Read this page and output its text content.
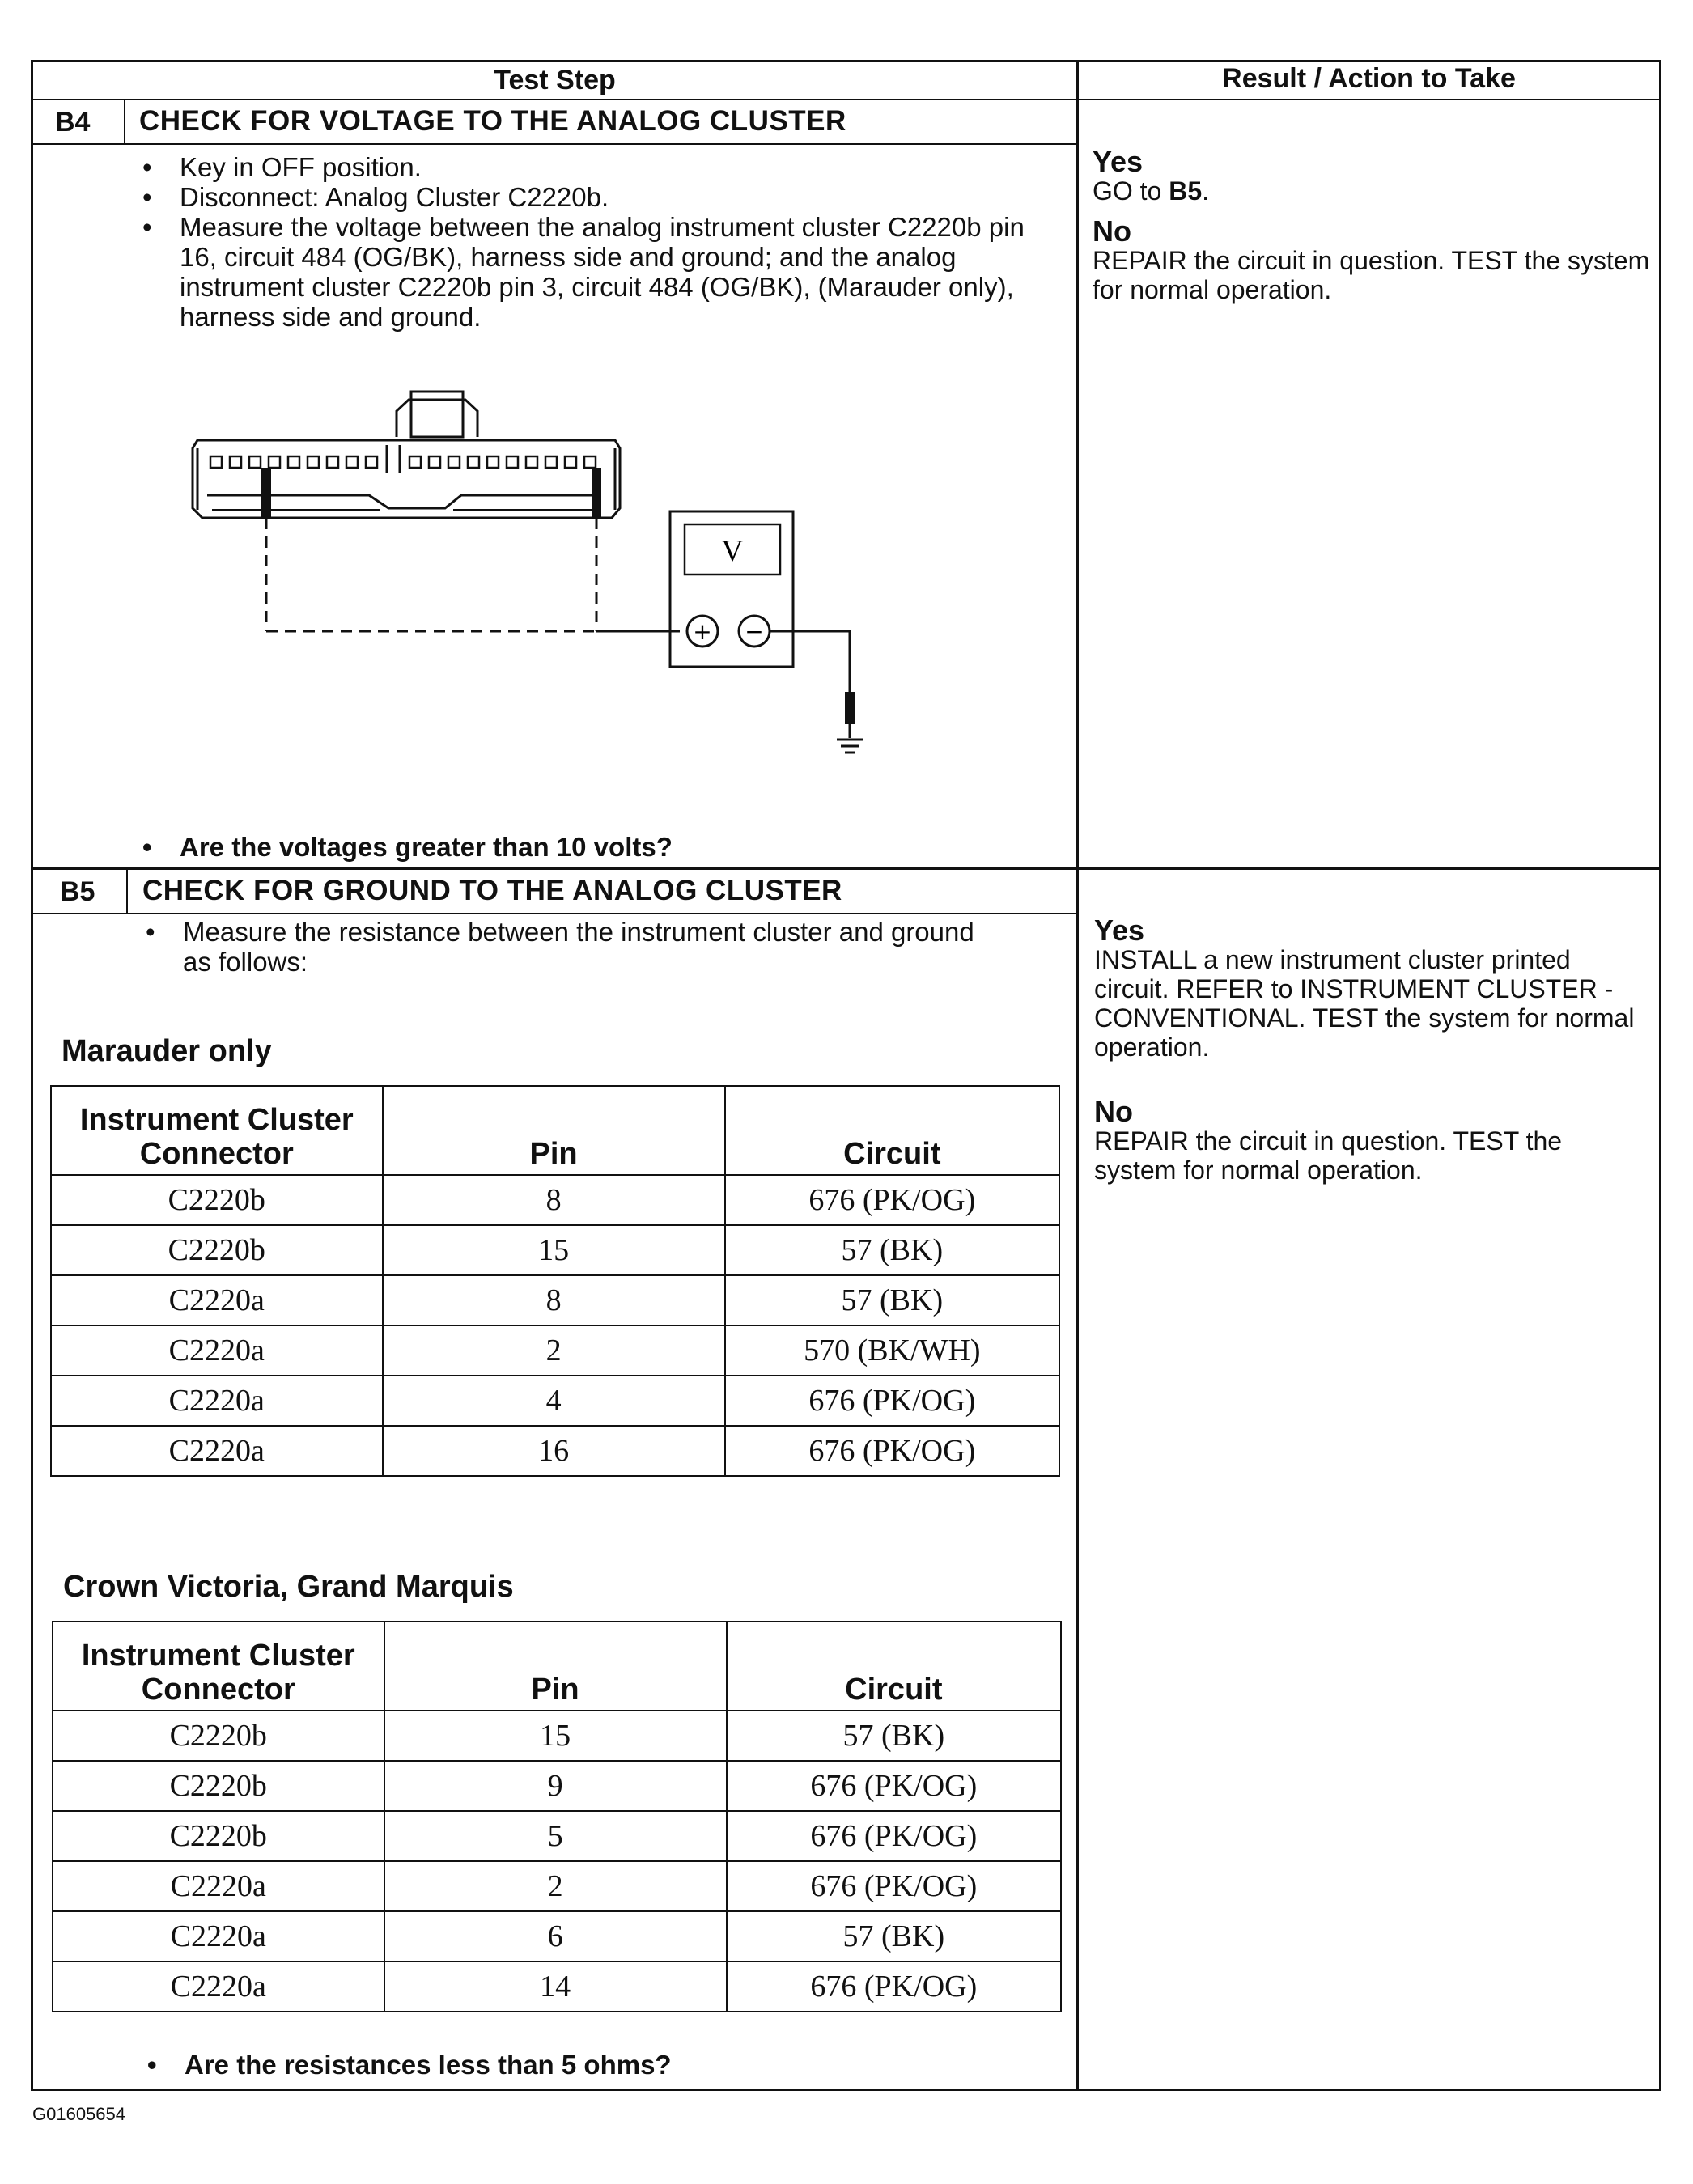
Test Step	Result / Action to Take
B4 CHECK FOR VOLTAGE TO THE ANALOG CLUSTER
• Key in OFF position.
• Disconnect: Analog Cluster C2220b.
• Measure the voltage between the analog instrument cluster C2220b pin 16, circuit 484 (OG/BK), harness side and ground; and the analog instrument cluster C2220b pin 3, circuit 484 (OG/BK), (Marauder only), harness side and ground.
V
+ −
• Are the voltages greater than 10 volts?
Yes
GO to B5.
No
REPAIR the circuit in question. TEST the system for normal operation.
B5 CHECK FOR GROUND TO THE ANALOG CLUSTER
• Measure the resistance between the instrument cluster and ground as follows:
Marauder only
Instrument Cluster Connector	Pin	Circuit
C2220b	8	676 (PK/OG)
C2220b	15	57 (BK)
C2220a	8	57 (BK)
C2220a	2	570 (BK/WH)
C2220a	4	676 (PK/OG)
C2220a	16	676 (PK/OG)
Crown Victoria, Grand Marquis
Instrument Cluster Connector	Pin	Circuit
C2220b	15	57 (BK)
C2220b	9	676 (PK/OG)
C2220b	5	676 (PK/OG)
C2220a	2	676 (PK/OG)
C2220a	6	57 (BK)
C2220a	14	676 (PK/OG)
• Are the resistances less than 5 ohms?
Yes
INSTALL a new instrument cluster printed circuit. REFER to INSTRUMENT CLUSTER - CONVENTIONAL. TEST the system for normal operation.
No
REPAIR the circuit in question. TEST the system for normal operation.
G01605654
